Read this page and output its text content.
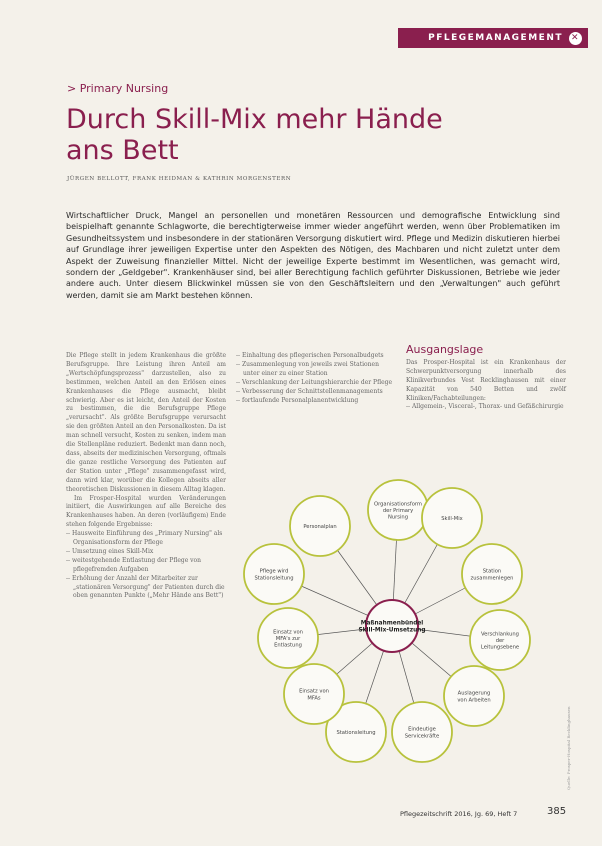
PFLEGEMANAGEMENT ✕
> Primary Nursing
Durch Skill-Mix mehr Hände ans Bett
JÜRGEN BELLOTT, FRANK HEIDMAN & KATHRIN MORGENSTERN

Wirtschaftlicher Druck, Mangel an personellen und monetären Ressourcen und demografische Entwicklung sind beispielhaft genannte Schlagworte, die berechtigterweise immer wieder angeführt werden, wenn über Problematiken im Gesundheitssystem und insbesondere in der stationären Versorgung diskutiert wird. Pflege und Medizin diskutieren hierbei auf Grundlage ihrer jeweiligen Expertise unter den Aspekten des Nötigen, des Machbaren und nicht zuletzt unter dem Aspekt der Zuweisung finanzieller Mittel. Nicht der jeweilige Experte bestimmt im Wesentlichen, was gemacht wird, sondern der „Geldgeber". Krankenhäuser sind, bei aller Berechtigung fachlich geführter Diskussionen, Betriebe wie jeder andere auch. Unter diesem Blickwinkel müssen sie von den Geschäftsleitern und den „Verwaltungen" auch geführt werden, damit sie am Markt bestehen können.

Die Pflege stellt in jedem Krankenhaus die größte Berufsgruppe. Ihre Leistung ihren Anteil am „Wertschöpfungsprozess" darzustellen, also zu bestimmen, welchen Anteil an den Erlösen eines Krankenhauses die Pflege ausmacht, bleibt schwierig. Aber es ist leicht, den Anteil der Kosten zu bestimmen, die die Berufsgruppe Pflege „verursacht". Als größte Berufsgruppe verursacht sie den größten Anteil an den Personalkosten. Da ist man schnell versucht, Kosten zu senken, indem man die Stellenpläne reduziert. Bedenkt man dann noch, dass, abseits der medizinischen Versorgung, oftmals die ganze restliche Versorgung des Patienten auf der Station unter „Pflege" zusammengefasst wird, dann wird klar, worüber die Kollegen abseits aller theoretischen Diskussionen in diesem Alltag klagen.

Im Frosper-Hospital wurden Veränderungen initiiert, die Auswirkungen auf alle Bereiche des Krankenhauses haben. An deren (vorläufigem) Ende stehen folgende Ergebnisse:

-- Hausweite Einführung des „Primary Nursing" als Organisationsform der Pflege
-- Umsetzung eines Skill-Mix
-- weitestgehende Entlastung der Pflege von pflegefremden Aufgaben
-- Erhöhung der Anzahl der Mitarbeiter zur „stationären Versorgung" der Patienten durch die oben genannten Punkte („Mehr Hände ans Bett")
-- Einhaltung des pflegerischen Personalbudgets
-- Zusammenlegung von jeweils zwei Stationen unter einer zu einer Station
-- Verschlankung der Leitungshierarchie der Pflege
-- Verbesserung der Schnittstellenmanagements
-- fortlaufende Personalplanentwicklung
Ausgangslage

Das Prosper-Hospital ist ein Krankenhaus der Schwerpunktversorgung innerhalb des Klinikverbundes Vest Recklinghausen mit einer Kapazität von 540 Betten und zwölf Kliniken/Fachabteilungen:

-- Allgemein-, Visceral-, Thorax- und Gefäßchirurgie
Organisationsform
der Primary
Nursing	Skill-Mix
Station
zusammenlegen
Verschlankung
der
Leitungsebene
Auslagerung
von Arbeiten
Eindeutige
Servicekräfte
Stationsleitung
Einsatz von
MFAs
Einsatz von
MFA's zur
Entlastung
Pflege wird
Stationsleitung
Personalplan
Maßnahmenbündel
Skill-Mix-Umsetzung
Quelle: Prosper-Hospital Recklinghausen
Pflegezeitschrift 2016, Jg. 69, Heft 7	385
